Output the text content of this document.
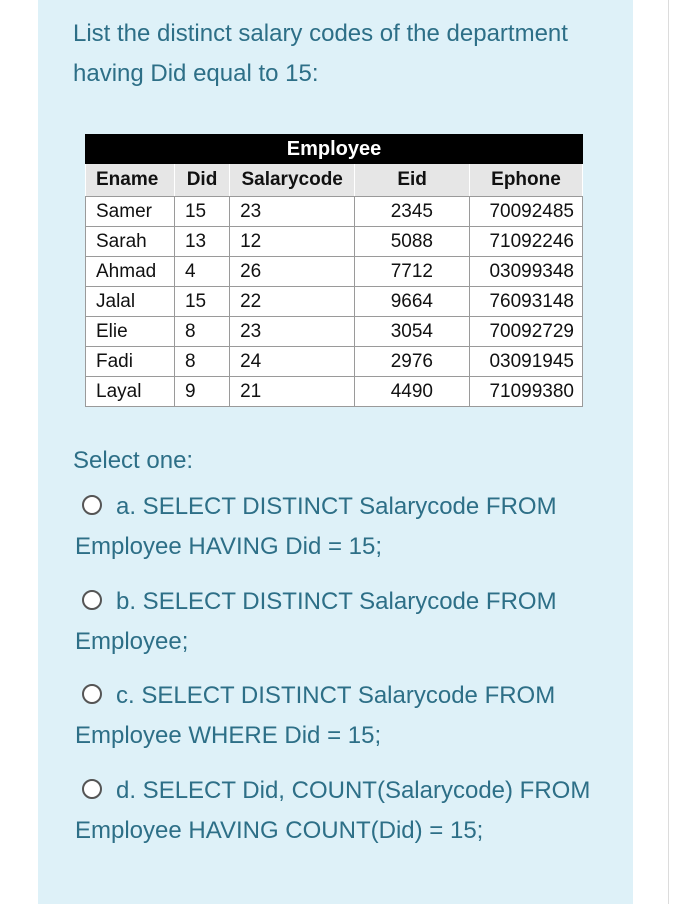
List the distinct salary codes of the department having Did equal to 15:

Employee				
Ename	Did	Salarycode	Eid	Ephone
Samer	15	23	2345	70092485
Sarah	13	12	5088	71092246
Ahmad	4	26	7712	03099348
Jalal	15	22	9664	76093148
Elie	8	23	3054	70092729
Fadi	8	24	2976	03091945
Layal	9	21	4490	71099380

Select one:

a. SELECT DISTINCT Salarycode FROM Employee HAVING Did = 15;

b. SELECT DISTINCT Salarycode FROM Employee;

c. SELECT DISTINCT Salarycode FROM Employee WHERE Did = 15;

d. SELECT Did, COUNT(Salarycode) FROM Employee HAVING COUNT(Did) = 15;
